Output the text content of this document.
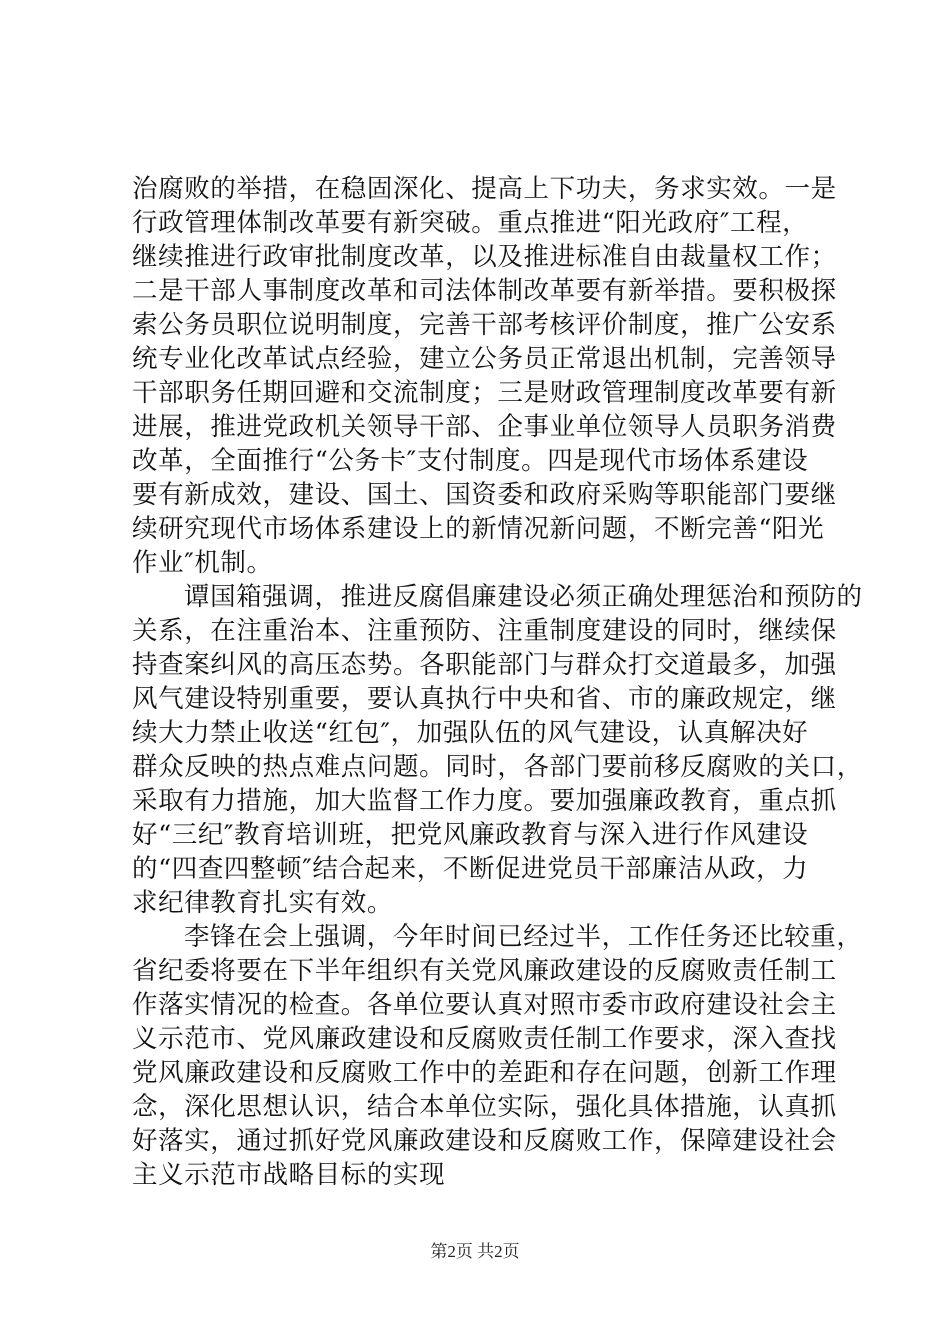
治腐败的举措，在稳固深化、提高上下功夫，务求实效。一是
行政管理体制改革要有新突破。重点推进“阳光政府″工程，
继续推进行政审批制度改革，以及推进标准自由裁量权工作；
二是干部人事制度改革和司法体制改革要有新举措。要积极探
索公务员职位说明制度，完善干部考核评价制度，推广公安系
统专业化改革试点经验，建立公务员正常退出机制，完善领导
干部职务任期回避和交流制度；三是财政管理制度改革要有新
进展，推进党政机关领导干部、企事业单位领导人员职务消费
改革，全面推行“公务卡″支付制度。四是现代市场体系建设
要有新成效，建设、国土、国资委和政府采购等职能部门要继
续研究现代市场体系建设上的新情况新问题，不断完善“阳光
作业″机制。
谭国箱强调，推进反腐倡廉建设必须正确处理惩治和预防的
关系，在注重治本、注重预防、注重制度建设的同时，继续保
持查案纠风的高压态势。各职能部门与群众打交道最多，加强
风气建设特别重要，要认真执行中央和省、市的廉政规定，继
续大力禁止收送“红包″，加强队伍的风气建设，认真解决好
群众反映的热点难点问题。同时，各部门要前移反腐败的关口，
采取有力措施，加大监督工作力度。要加强廉政教育，重点抓
好“三纪″教育培训班，把党风廉政教育与深入进行作风建设
的“四查四整顿″结合起来，不断促进党员干部廉洁从政，力
求纪律教育扎实有效。
李锋在会上强调，今年时间已经过半，工作任务还比较重，
省纪委将要在下半年组织有关党风廉政建设的反腐败责任制工
作落实情况的检查。各单位要认真对照市委市政府建设社会主
义示范市、党风廉政建设和反腐败责任制工作要求，深入查找
党风廉政建设和反腐败工作中的差距和存在问题，创新工作理
念，深化思想认识，结合本单位实际，强化具体措施，认真抓
好落实，通过抓好党风廉政建设和反腐败工作，保障建设社会
主义示范市战略目标的实现
第2页 共2页
